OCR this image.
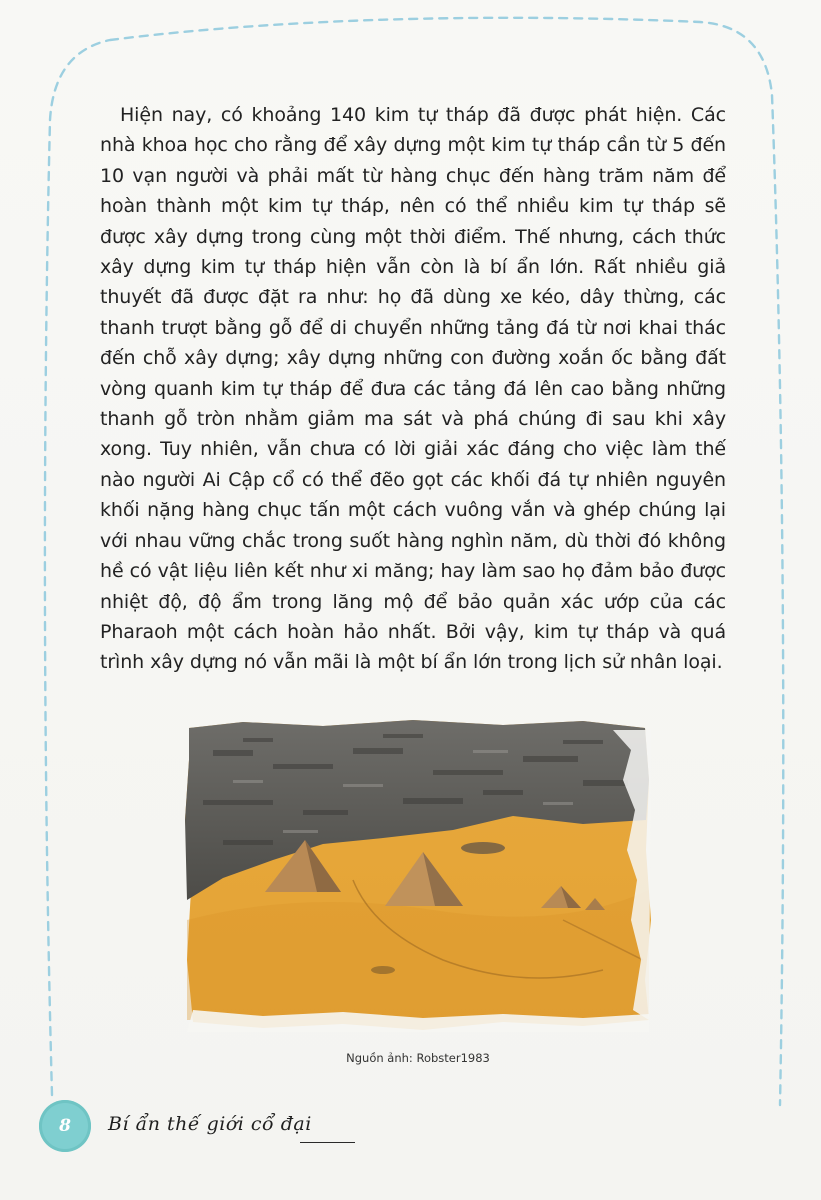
Hiện nay, có khoảng 140 kim tự tháp đã được phát hiện. Các nhà khoa học cho rằng để xây dựng một kim tự tháp cần từ 5 đến 10 vạn người và phải mất từ hàng chục đến hàng trăm năm để hoàn thành một kim tự tháp, nên có thể nhiều kim tự tháp sẽ được xây dựng trong cùng một thời điểm. Thế nhưng, cách thức xây dựng kim tự tháp hiện vẫn còn là bí ẩn lớn. Rất nhiều giả thuyết đã được đặt ra như: họ đã dùng xe kéo, dây thừng, các thanh trượt bằng gỗ để di chuyển những tảng đá từ nơi khai thác đến chỗ xây dựng; xây dựng những con đường xoắn ốc bằng đất vòng quanh kim tự tháp để đưa các tảng đá lên cao bằng những thanh gỗ tròn nhằm giảm ma sát và phá chúng đi sau khi xây xong. Tuy nhiên, vẫn chưa có lời giải xác đáng cho việc làm thế nào người Ai Cập cổ có thể đẽo gọt các khối đá tự nhiên nguyên khối nặng hàng chục tấn một cách vuông vắn và ghép chúng lại với nhau vững chắc trong suốt hàng nghìn năm, dù thời đó không hề có vật liệu liên kết như xi măng; hay làm sao họ đảm bảo được nhiệt độ, độ ẩm trong lăng mộ để bảo quản xác ướp của các Pharaoh một cách hoàn hảo nhất. Bởi vậy, kim tự tháp và quá trình xây dựng nó vẫn mãi là một bí ẩn lớn trong lịch sử nhân loại.

Nguồn ảnh: Robster1983
8 Bí ẩn thế giới cổ đại
